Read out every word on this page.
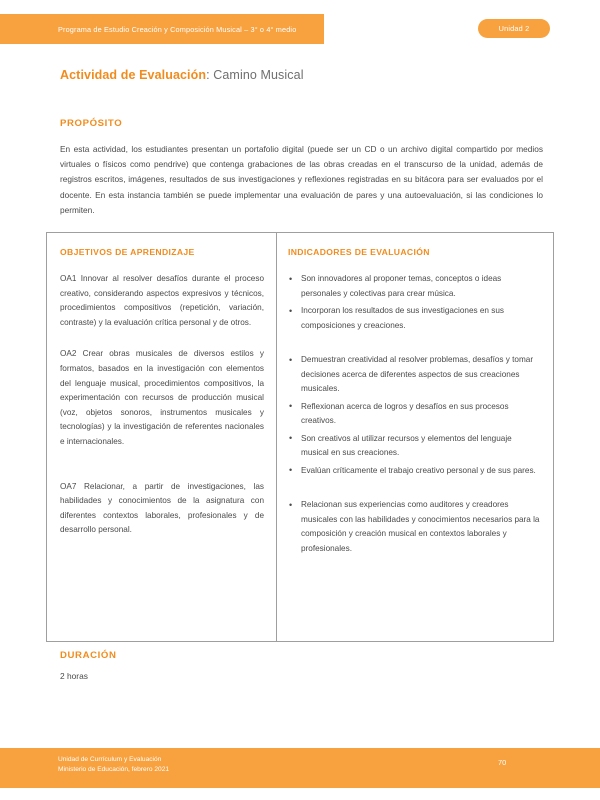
Programa de Estudio Creación y Composición Musical – 3° o 4° medio	Unidad 2
Actividad de Evaluación: Camino Musical
PROPÓSITO
En esta actividad, los estudiantes presentan un portafolio digital (puede ser un CD o un archivo digital compartido por medios virtuales o físicos como pendrive) que contenga grabaciones de las obras creadas en el transcurso de la unidad, además de registros escritos, imágenes, resultados de sus investigaciones y reflexiones registradas en su bitácora para ser evaluados por el docente. En esta instancia también se puede implementar una evaluación de pares y una autoevaluación, si las condiciones lo permiten.
OBJETIVOS DE APRENDIZAJE	INDICADORES DE EVALUACIÓN

OA1 Innovar al resolver desafíos durante el proceso creativo, considerando aspectos expresivos y técnicos, procedimientos compositivos (repetición, variación, contraste) y la evaluación crítica personal y de otros.

OA2 Crear obras musicales de diversos estilos y formatos, basados en la investigación con elementos del lenguaje musical, procedimientos compositivos, la experimentación con recursos de producción musical (voz, objetos sonoros, instrumentos musicales y tecnologías) y la investigación de referentes nacionales e internacionales.

OA7 Relacionar, a partir de investigaciones, las habilidades y conocimientos de la asignatura con diferentes contextos laborales, profesionales y de desarrollo personal.

• Son innovadores al proponer temas, conceptos o ideas personales y colectivas para crear música.
• Incorporan los resultados de sus investigaciones en sus composiciones y creaciones.
• Demuestran creatividad al resolver problemas, desafíos y tomar decisiones acerca de diferentes aspectos de sus creaciones musicales.
• Reflexionan acerca de logros y desafíos en sus procesos creativos.
• Son creativos al utilizar recursos y elementos del lenguaje musical en sus creaciones.
• Evalúan críticamente el trabajo creativo personal y de sus pares.
• Relacionan sus experiencias como auditores y creadores musicales con las habilidades y conocimientos necesarios para la composición y creación musical en contextos laborales y profesionales.
DURACIÓN
2 horas
Unidad de Currículum y Evaluación
Ministerio de Educación, febrero 2021
70
